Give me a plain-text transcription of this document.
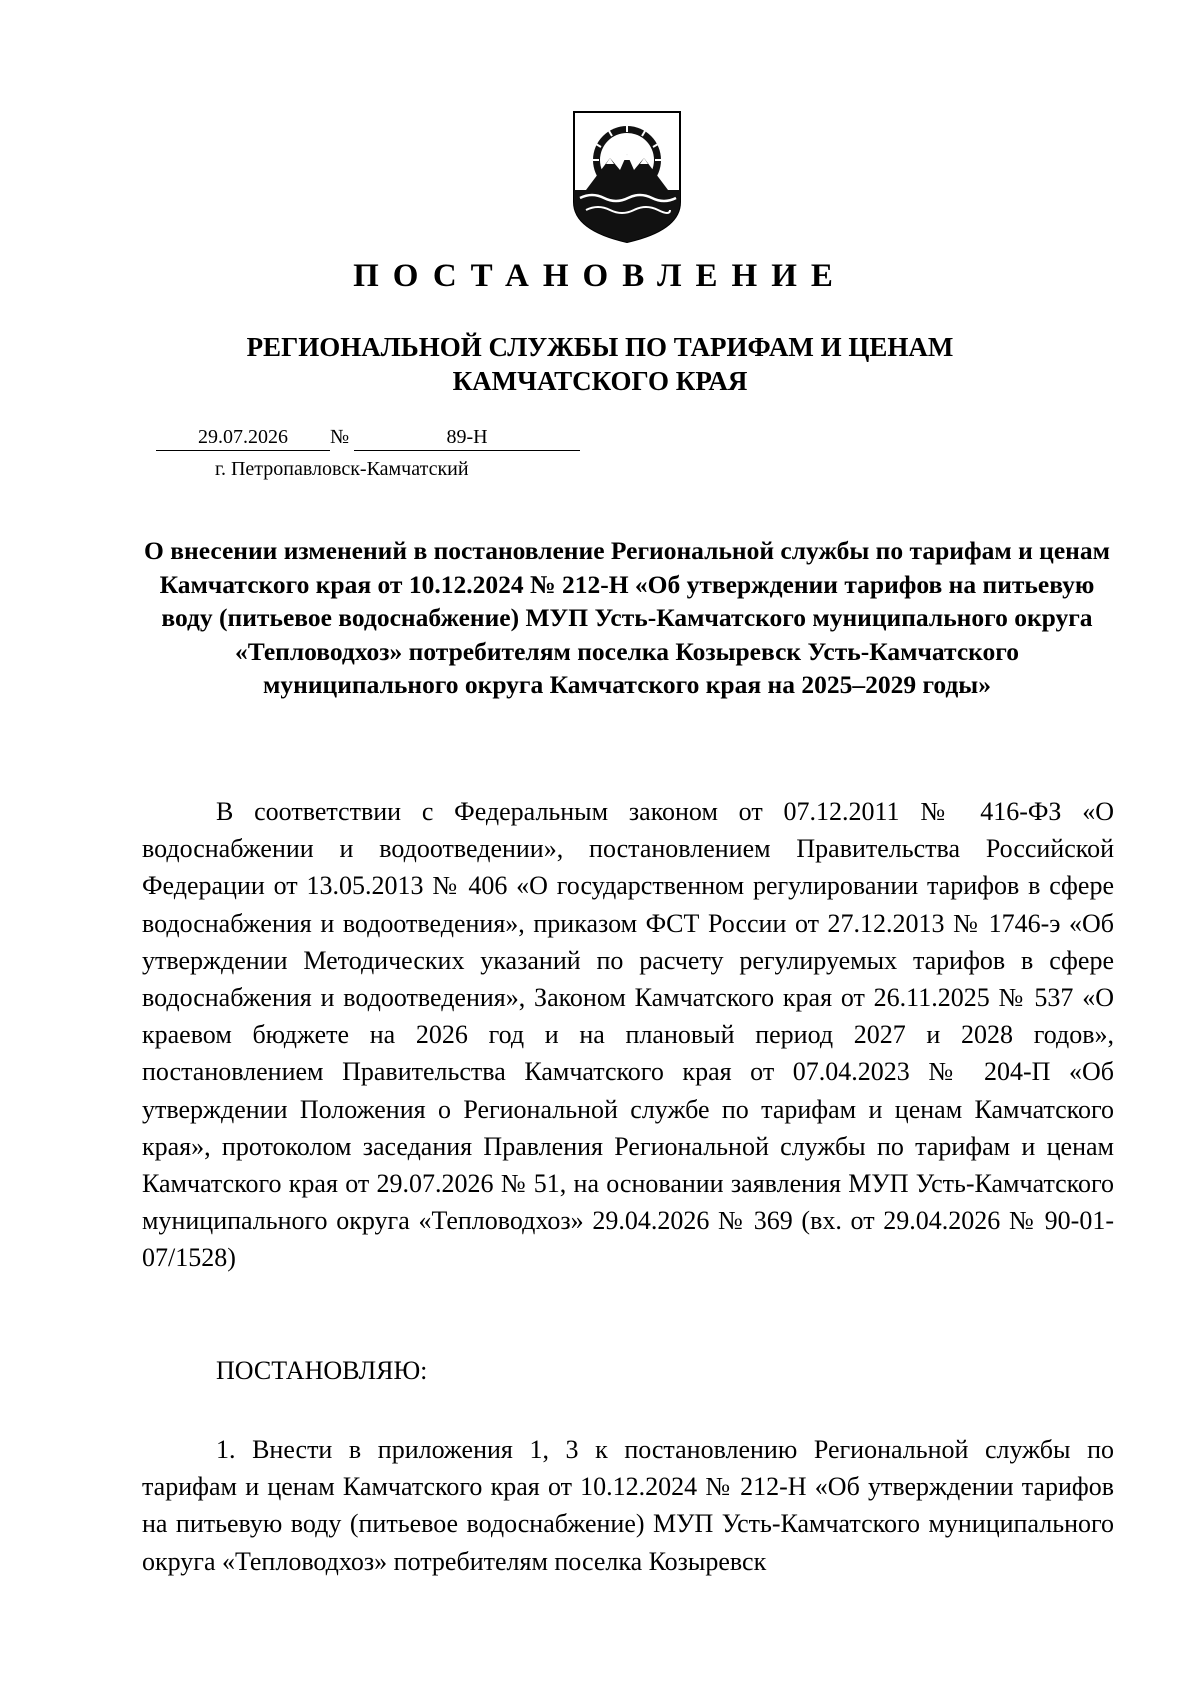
ПОСТАНОВЛЕНИЕ
РЕГИОНАЛЬНОЙ СЛУЖБЫ ПО ТАРИФАМ И ЦЕНАМ
КАМЧАТСКОГО КРАЯ
29.07.2026	№	89-Н
г. Петропавловск-Камчатский
О внесении изменений в постановление Региональной службы по тарифам и ценам Камчатского края от 10.12.2024 № 212-Н «Об утверждении тарифов на питьевую воду (питьевое водоснабжение) МУП Усть-Камчатского муниципального округа «Тепловодхоз» потребителям поселка Козыревск Усть-Камчатского муниципального округа Камчатского края на 2025–2029 годы»
В соответствии с Федеральным законом от 07.12.2011 № 416-ФЗ «О водоснабжении и водоотведении», постановлением Правительства Российской Федерации от 13.05.2013 № 406 «О государственном регулировании тарифов в сфере водоснабжения и водоотведения», приказом ФСТ России от 27.12.2013 № 1746-э «Об утверждении Методических указаний по расчету регулируемых тарифов в сфере водоснабжения и водоотведения», Законом Камчатского края от 26.11.2025 № 537 «О краевом бюджете на 2026 год и на плановый период 2027 и 2028 годов», постановлением Правительства Камчатского края от 07.04.2023 № 204-П «Об утверждении Положения о Региональной службе по тарифам и ценам Камчатского края», протоколом заседания Правления Региональной службы по тарифам и ценам Камчатского края от 29.07.2026 № 51, на основании заявления МУП Усть-Камчатского муниципального округа «Тепловодхоз» 29.04.2026 № 369 (вх. от 29.04.2026 № 90-01-07/1528)
ПОСТАНОВЛЯЮ:
1. Внести в приложения 1, 3 к постановлению Региональной службы по тарифам и ценам Камчатского края от 10.12.2024 № 212-Н «Об утверждении тарифов на питьевую воду (питьевое водоснабжение) МУП Усть-Камчатского муниципального округа «Тепловодхоз» потребителям поселка Козыревск
